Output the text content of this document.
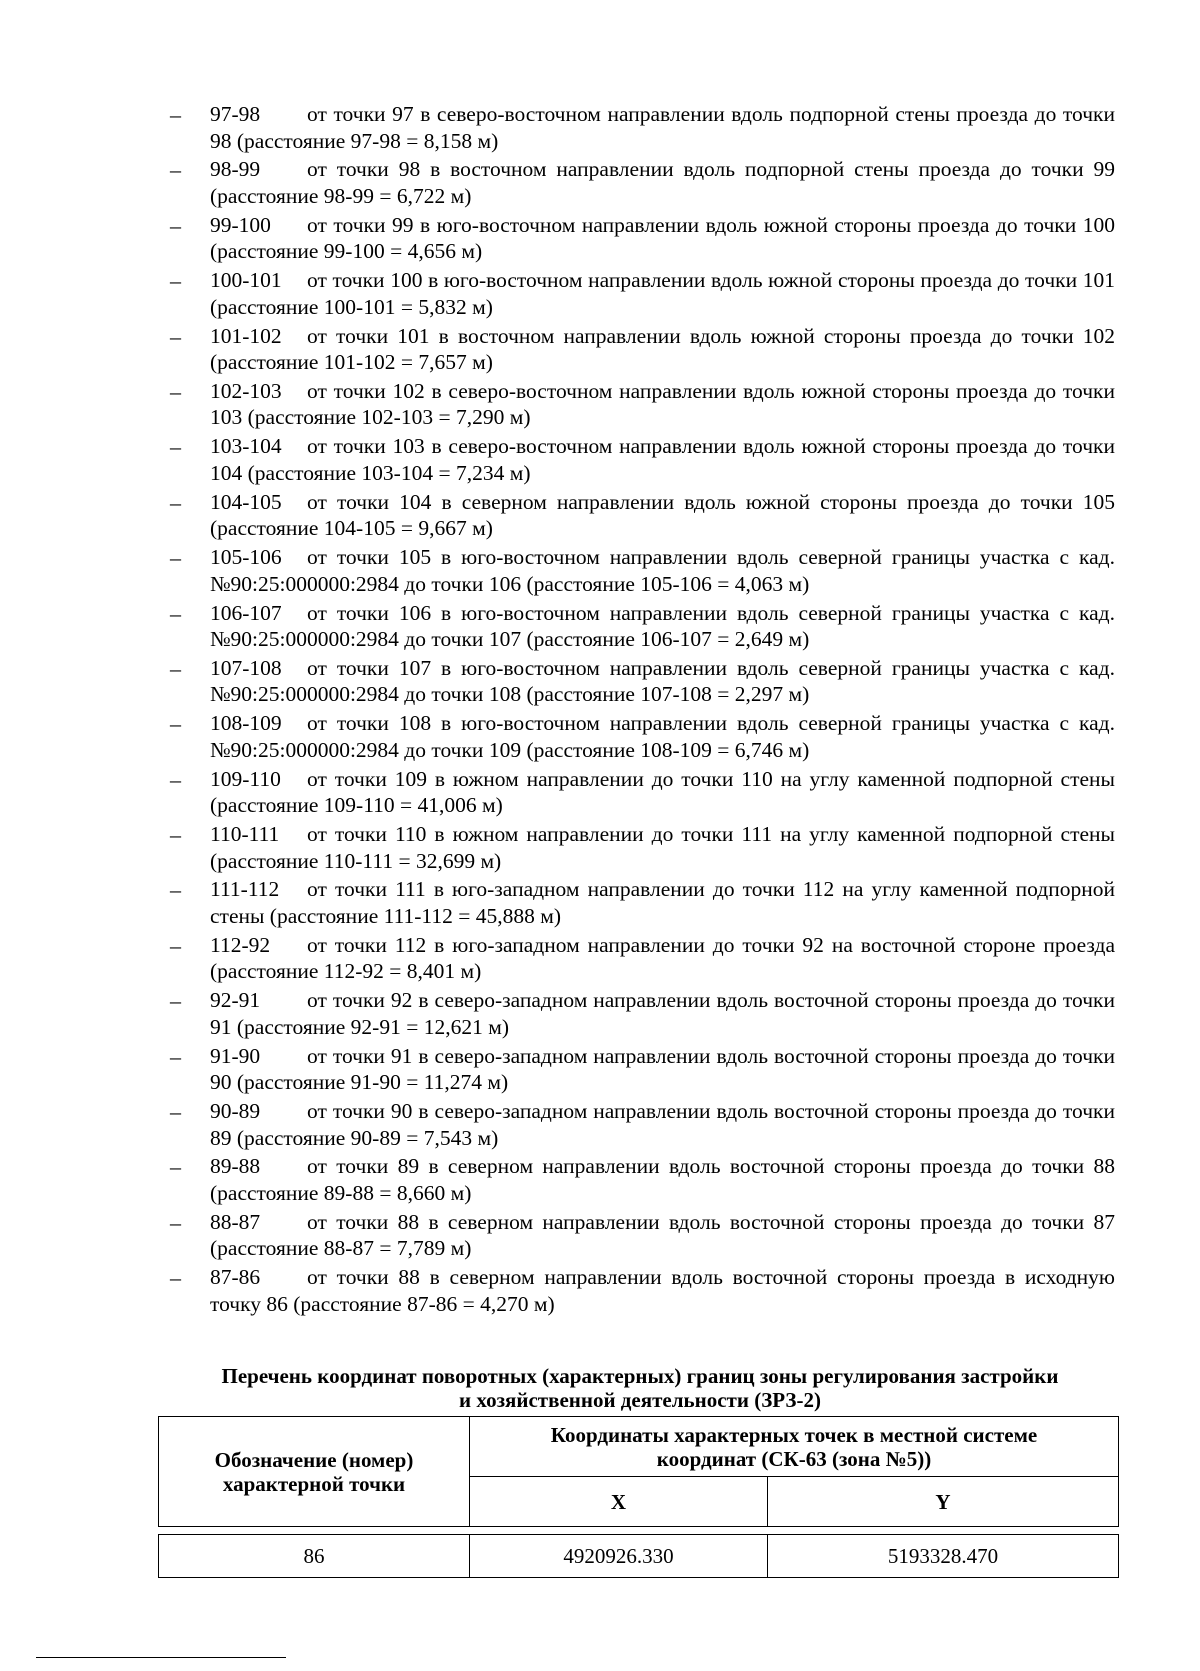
–	97-98 от точки 97 в северо-восточном направлении вдоль подпорной стены проезда до точки 98 (расстояние 97-98 = 8,158 м)
–	98-99 от точки 98 в восточном направлении вдоль подпорной стены проезда до точки 99 (расстояние 98-99 = 6,722 м)
–	99-100 от точки 99 в юго-восточном направлении вдоль южной стороны проезда до точки 100 (расстояние 99-100 = 4,656 м)
–	100-101 от точки 100 в юго-восточном направлении вдоль южной стороны проезда до точки 101 (расстояние 100-101 = 5,832 м)
–	101-102 от точки 101 в восточном направлении вдоль южной стороны проезда до точки 102 (расстояние 101-102 = 7,657 м)
–	102-103 от точки 102 в северо-восточном направлении вдоль южной стороны проезда до точки 103 (расстояние 102-103 = 7,290 м)
–	103-104 от точки 103 в северо-восточном направлении вдоль южной стороны проезда до точки 104 (расстояние 103-104 = 7,234 м)
–	104-105 от точки 104 в северном направлении вдоль южной стороны проезда до точки 105 (расстояние 104-105 = 9,667 м)
–	105-106 от точки 105 в юго-восточном направлении вдоль северной границы участка с кад. №90:25:000000:2984 до точки 106 (расстояние 105-106 = 4,063 м)
–	106-107 от точки 106 в юго-восточном направлении вдоль северной границы участка с кад. №90:25:000000:2984 до точки 107 (расстояние 106-107 = 2,649 м)
–	107-108 от точки 107 в юго-восточном направлении вдоль северной границы участка с кад. №90:25:000000:2984 до точки 108 (расстояние 107-108 = 2,297 м)
–	108-109 от точки 108 в юго-восточном направлении вдоль северной границы участка с кад. №90:25:000000:2984 до точки 109 (расстояние 108-109 = 6,746 м)
–	109-110 от точки 109 в южном направлении до точки 110 на углу каменной подпорной стены (расстояние 109-110 = 41,006 м)
–	110-111 от точки 110 в южном направлении до точки 111 на углу каменной подпорной стены (расстояние 110-111 = 32,699 м)
–	111-112 от точки 111 в юго-западном направлении до точки 112 на углу каменной подпорной стены (расстояние 111-112 = 45,888 м)
–	112-92 от точки 112 в юго-западном направлении до точки 92 на восточной стороне проезда (расстояние 112-92 = 8,401 м)
–	92-91 от точки 92 в северо-западном направлении вдоль восточной стороны проезда до точки 91 (расстояние 92-91 = 12,621 м)
–	91-90 от точки 91 в северо-западном направлении вдоль восточной стороны проезда до точки 90 (расстояние 91-90 = 11,274 м)
–	90-89 от точки 90 в северо-западном направлении вдоль восточной стороны проезда до точки 89 (расстояние 90-89 = 7,543 м)
–	89-88 от точки 89 в северном направлении вдоль восточной стороны проезда до точки 88 (расстояние 89-88 = 8,660 м)
–	88-87 от точки 88 в северном направлении вдоль восточной стороны проезда до точки 87 (расстояние 88-87 = 7,789 м)
–	87-86 от точки 88 в северном направлении вдоль восточной стороны проезда в исходную точку 86 (расстояние 87-86 = 4,270 м)
Перечень координат поворотных (характерных) границ зоны регулирования застройки
и хозяйственной деятельности (ЗРЗ-2)
Обозначение (номер) характерной точки	Координаты характерных точек в местной системе координат (СК-63 (зона №5))	

	X	Y

86	4920926.330	5193328.470
